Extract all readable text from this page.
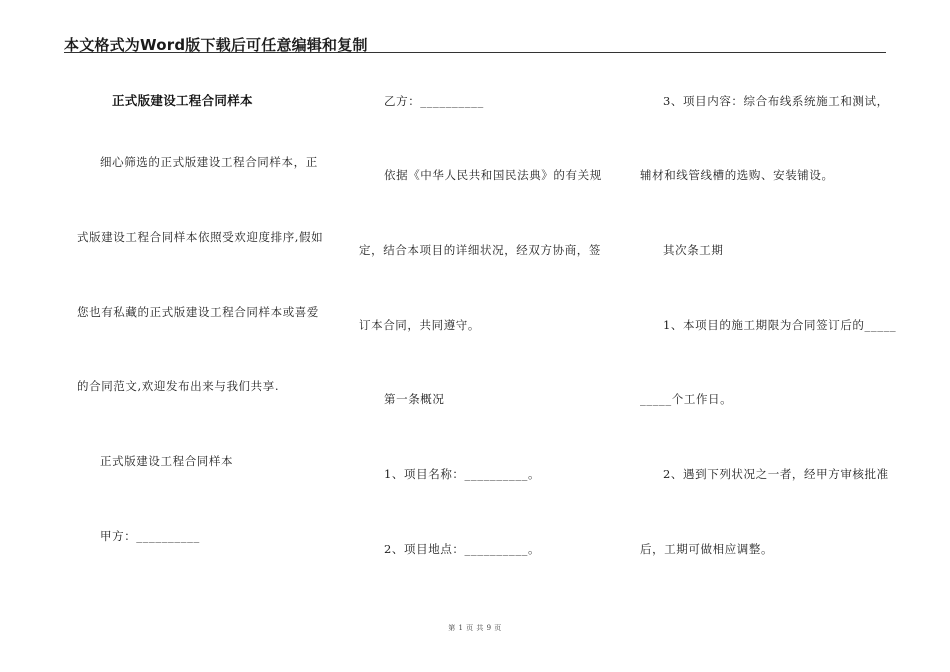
本文格式为Word版下载后可任意编辑和复制
正式版建设工程合同样本
细心筛选的正式版建设工程合同样本，正
式版建设工程合同样本依照受欢迎度排序,假如
您也有私藏的正式版建设工程合同样本或喜爱
的合同范文,欢迎发布出来与我们共享.
正式版建设工程合同样本
甲方：__________
乙方：__________
依据《中华人民共和国民法典》的有关规
定，结合本项目的详细状况，经双方协商，签
订本合同，共同遵守。
第一条概况
1、项目名称：__________。
2、项目地点：__________。
3、项目内容：综合布线系统施工和测试，
辅材和线管线槽的选购、安装铺设。
其次条工期
1、本项目的施工期限为合同签订后的_____
_____个工作日。
2、遇到下列状况之一者，经甲方审核批准
后，工期可做相应调整。
第 1 页 共 9 页
